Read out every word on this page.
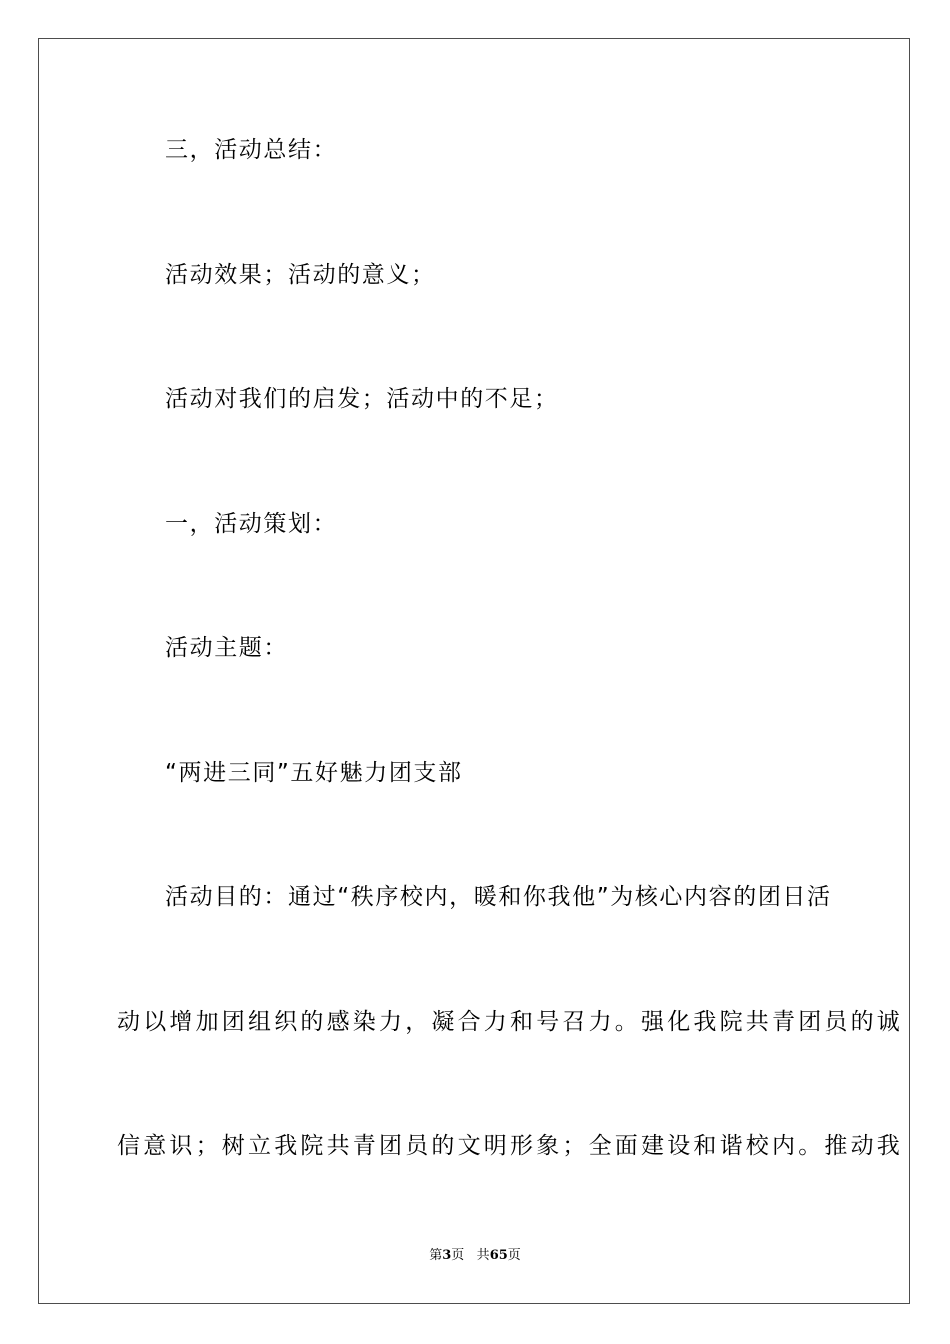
三，活动总结：
活动效果；活动的意义；
活动对我们的启发；活动中的不足；
一，活动策划：
活动主题：
“两进三同”五好魅力团支部
活动目的：通过“秩序校内，暖和你我他”为核心内容的团日活
动以增加团组织的感染力，凝合力和号召力。强化我院共青团员的诚
信意识；树立我院共青团员的文明形象；全面建设和谐校内。推动我
第3页 共65页
